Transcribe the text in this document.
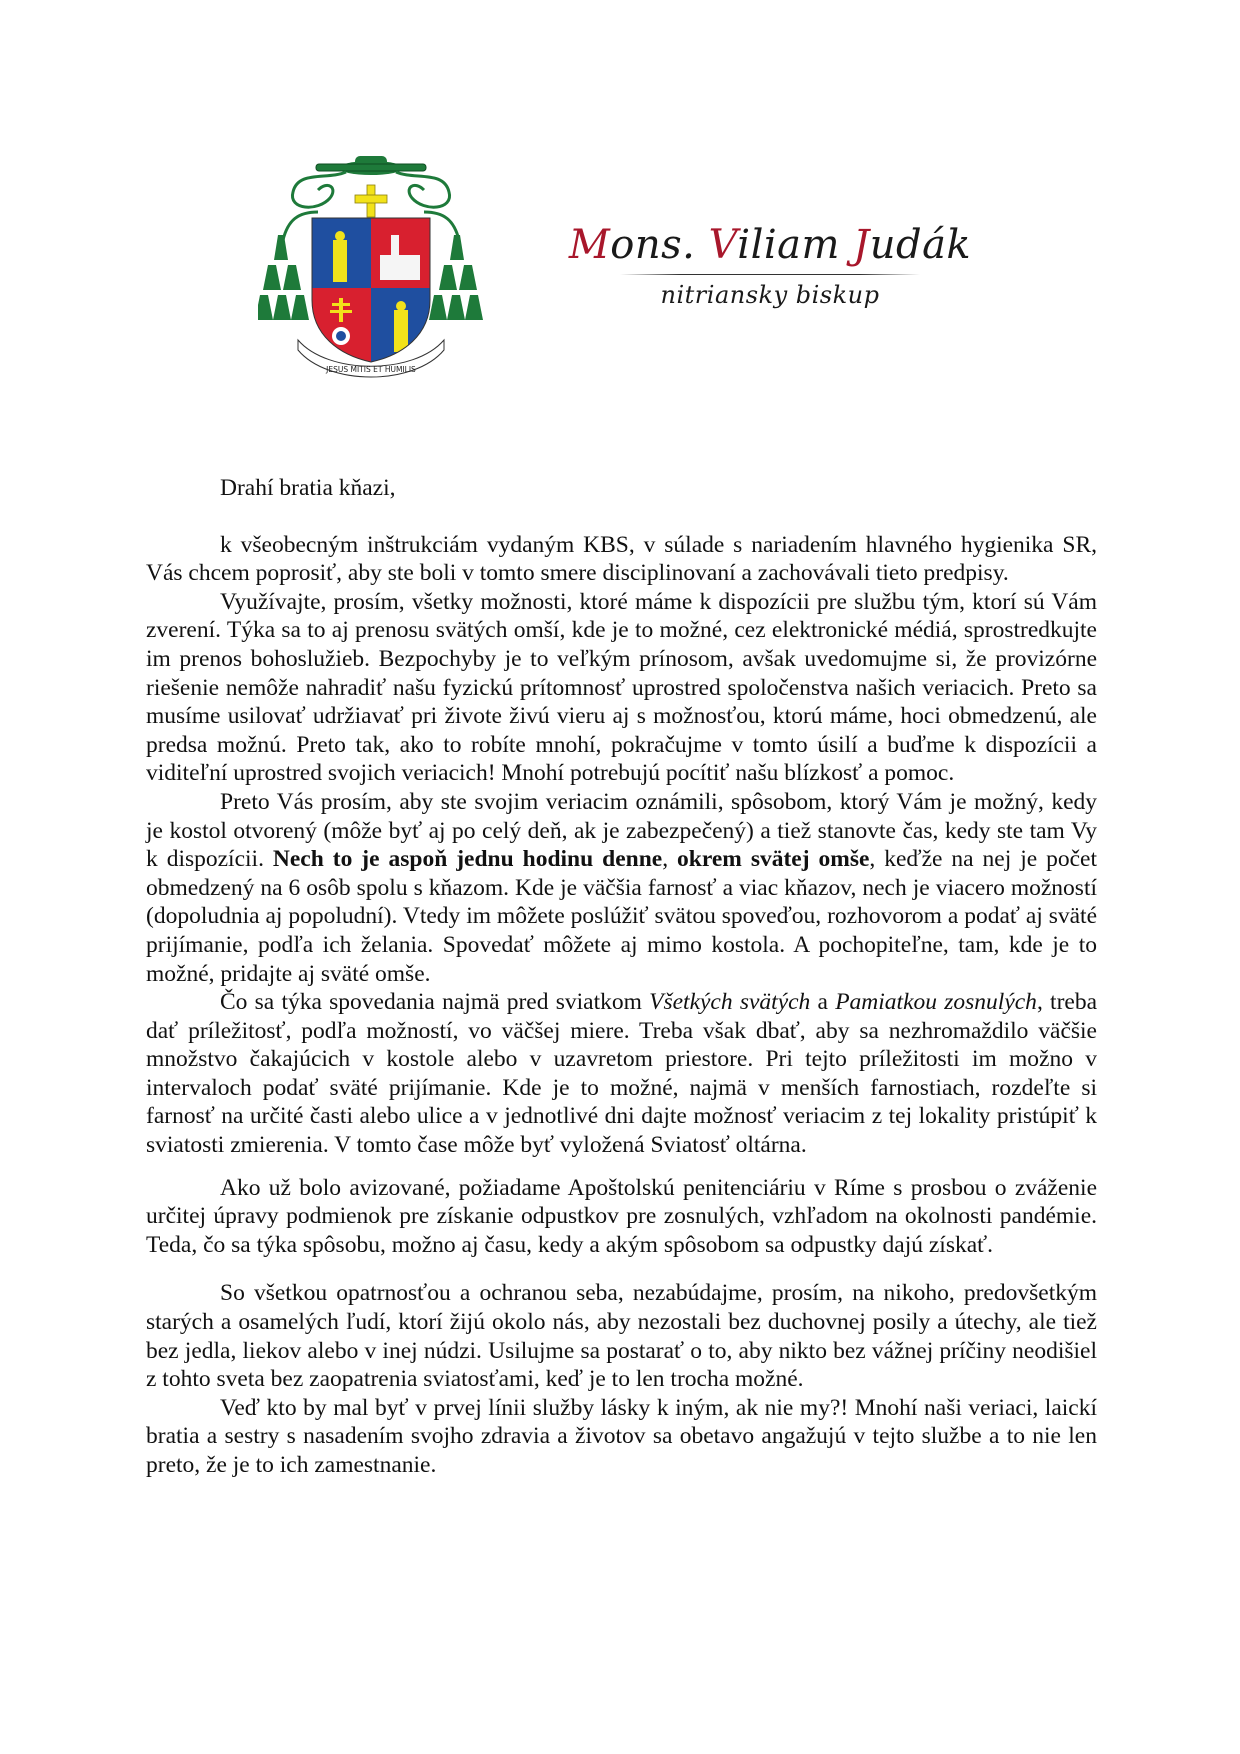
JESUS MITIS ET HUMILIS
Mons. Viliam Judák
nitriansky biskup

Drahí bratia kňazi,

k všeobecným inštrukciám vydaným KBS, v súlade s nariadením hlavného hygienika SR, Vás chcem poprosiť, aby ste boli v tomto smere disciplinovaní a zachovávali tieto predpisy.

Využívajte, prosím, všetky možnosti, ktoré máme k dispozícii pre službu tým, ktorí sú Vám zverení. Týka sa to aj prenosu svätých omší, kde je to možné, cez elektronické médiá, sprostredkujte im prenos bohoslužieb. Bezpochyby je to veľkým prínosom, avšak uvedomujme si, že provizórne riešenie nemôže nahradiť našu fyzickú prítomnosť uprostred spoločenstva našich veriacich. Preto sa musíme usilovať udržiavať pri živote živú vieru aj s možnosťou, ktorú máme, hoci obmedzenú, ale predsa možnú. Preto tak, ako to robíte mnohí, pokračujme v tomto úsilí a buďme k dispozícii a viditeľní uprostred svojich veriacich! Mnohí potrebujú pocítiť našu blízkosť a pomoc.

Preto Vás prosím, aby ste svojim veriacim oznámili, spôsobom, ktorý Vám je možný, kedy je kostol otvorený (môže byť aj po celý deň, ak je zabezpečený) a tiež stanovte čas, kedy ste tam Vy k dispozícii. Nech to je aspoň jednu hodinu denne, okrem svätej omše, keďže na nej je počet obmedzený na 6 osôb spolu s kňazom. Kde je väčšia farnosť a viac kňazov, nech je viacero možností (dopoludnia aj popoludní). Vtedy im môžete poslúžiť svätou spoveďou, rozhovorom a podať aj sväté prijímanie, podľa ich želania. Spovedať môžete aj mimo kostola. A pochopiteľne, tam, kde je to možné, pridajte aj sväté omše.

Čo sa týka spovedania najmä pred sviatkom Všetkých svätých a Pamiatkou zosnulých, treba dať príležitosť, podľa možností, vo väčšej miere. Treba však dbať, aby sa nezhromaždilo väčšie množstvo čakajúcich v kostole alebo v uzavretom priestore. Pri tejto príležitosti im možno v intervaloch podať sväté prijímanie. Kde je to možné, najmä v menších farnostiach, rozdeľte si farnosť na určité časti alebo ulice a v jednotlivé dni dajte možnosť veriacim z tej lokality pristúpiť k sviatosti zmierenia. V tomto čase môže byť vyložená Sviatosť oltárna.

Ako už bolo avizované, požiadame Apoštolskú penitenciáriu v Ríme s prosbou o zváženie určitej úpravy podmienok pre získanie odpustkov pre zosnulých, vzhľadom na okolnosti pandémie. Teda, čo sa týka spôsobu, možno aj času, kedy a akým spôsobom sa odpustky dajú získať.

So všetkou opatrnosťou a ochranou seba, nezabúdajme, prosím, na nikoho, predovšetkým starých a osamelých ľudí, ktorí žijú okolo nás, aby nezostali bez duchovnej posily a útechy, ale tiež bez jedla, liekov alebo v inej núdzi. Usilujme sa postarať o to, aby nikto bez vážnej príčiny neodišiel z tohto sveta bez zaopatrenia sviatosťami, keď je to len trocha možné.

Veď kto by mal byť v prvej línii služby lásky k iným, ak nie my?! Mnohí naši veriaci, laickí bratia a sestry s nasadením svojho zdravia a životov sa obetavo angažujú v tejto službe a to nie len preto, že je to ich zamestnanie.
